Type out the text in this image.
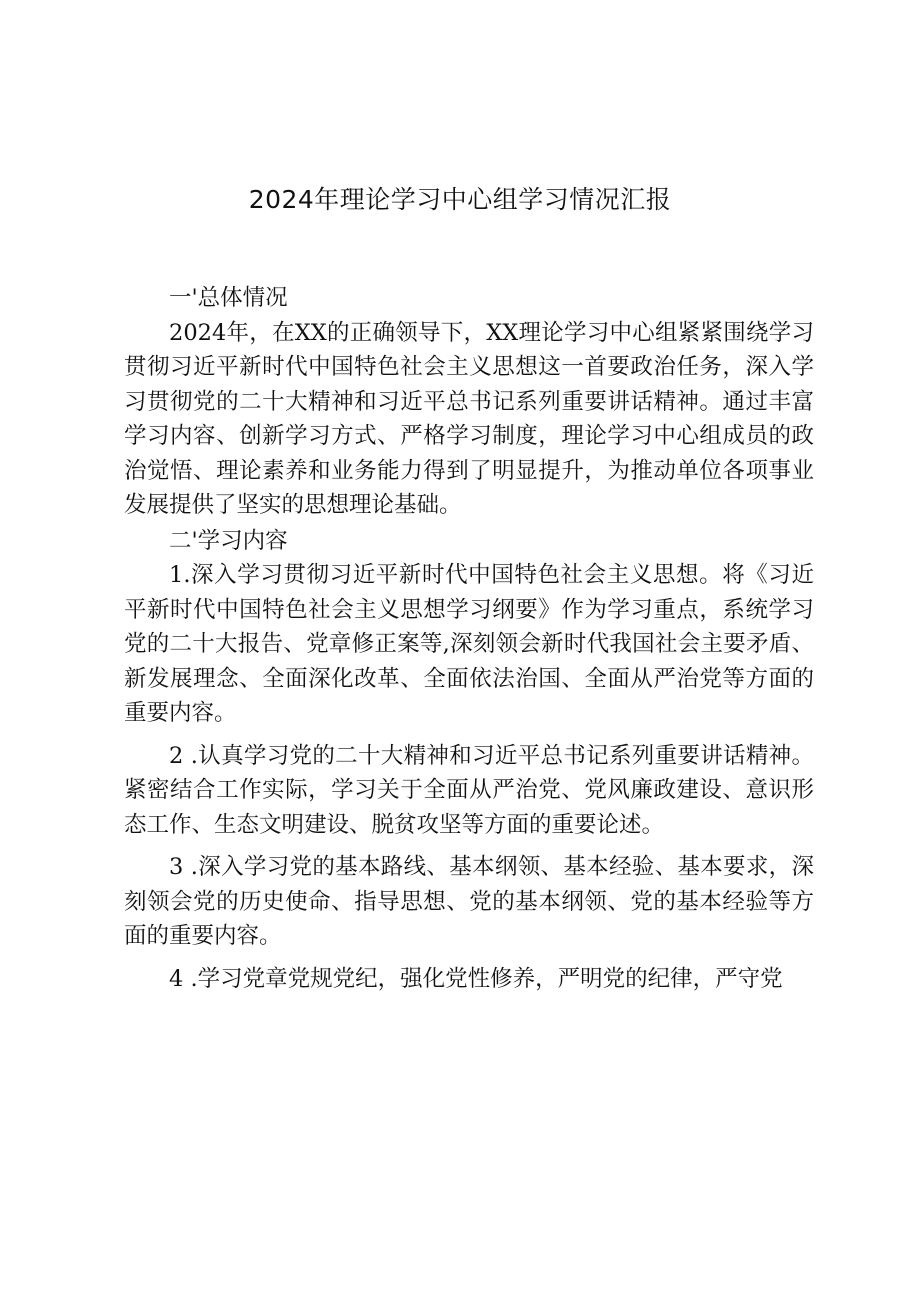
2024年理论学习中心组学习情况汇报

一'总体情况

2024年，在XX的正确领导下，XX理论学习中心组紧紧围绕学习贯彻习近平新时代中国特色社会主义思想这一首要政治任务，深入学习贯彻党的二十大精神和习近平总书记系列重要讲话精神。通过丰富学习内容、创新学习方式、严格学习制度，理论学习中心组成员的政治觉悟、理论素养和业务能力得到了明显提升，为推动单位各项事业发展提供了坚实的思想理论基础。

二'学习内容

1.深入学习贯彻习近平新时代中国特色社会主义思想。将《习近平新时代中国特色社会主义思想学习纲要》作为学习重点，系统学习党的二十大报告、党章修正案等,深刻领会新时代我国社会主要矛盾、新发展理念、全面深化改革、全面依法治国、全面从严治党等方面的重要内容。

2 .认真学习党的二十大精神和习近平总书记系列重要讲话精神。紧密结合工作实际，学习关于全面从严治党、党风廉政建设、意识形态工作、生态文明建设、脱贫攻坚等方面的重要论述。

3 .深入学习党的基本路线、基本纲领、基本经验、基本要求，深刻领会党的历史使命、指导思想、党的基本纲领、党的基本经验等方面的重要内容。

4 .学习党章党规党纪，强化党性修养，严明党的纪律，严守党
